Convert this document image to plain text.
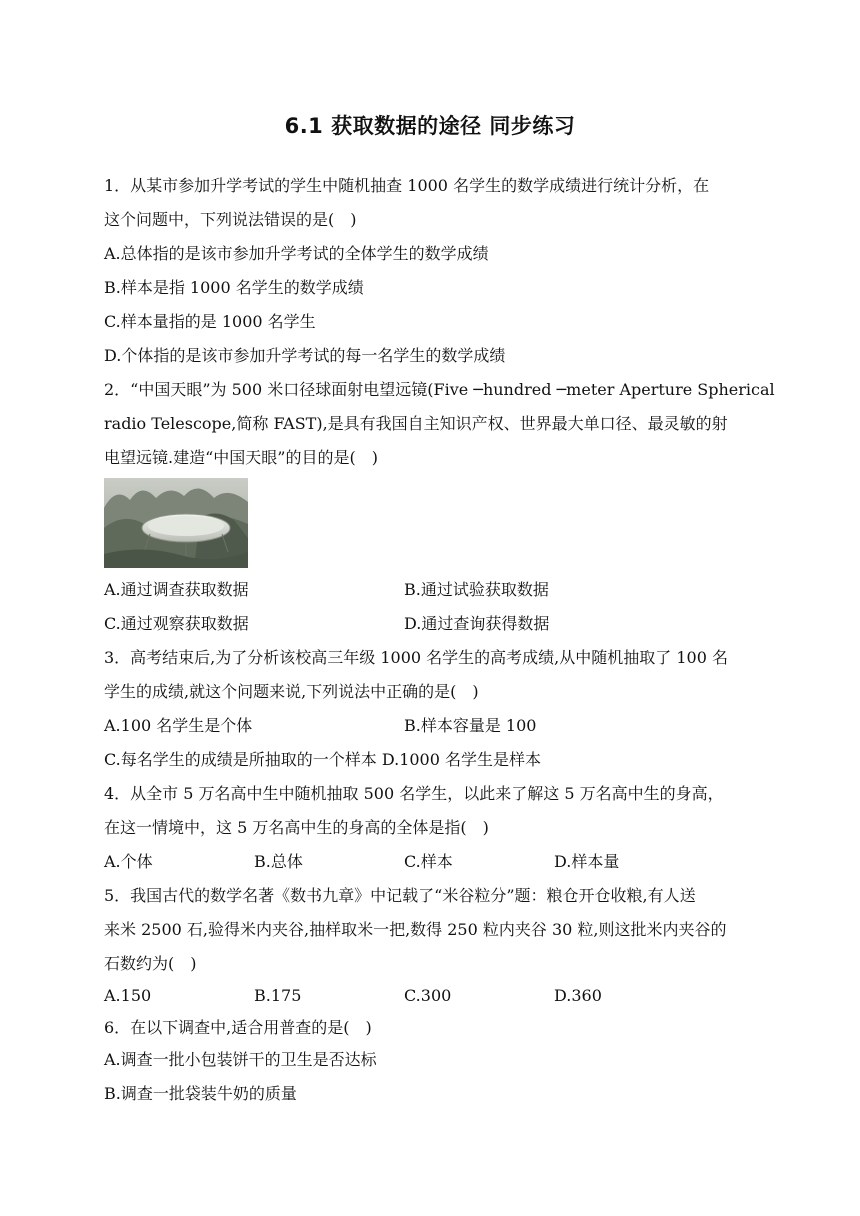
6.1 获取数据的途径 同步练习
1．从某市参加升学考试的学生中随机抽查 1000 名学生的数学成绩进行统计分析，在
这个问题中，下列说法错误的是(　)
A.总体指的是该市参加升学考试的全体学生的数学成绩
B.样本是指 1000 名学生的数学成绩
C.样本量指的是 1000 名学生
D.个体指的是该市参加升学考试的每一名学生的数学成绩
2．“中国天眼”为 500 米口径球面射电望远镜(Five ─hundred ─meter Aperture Spherical
radio Telescope,简称 FAST),是具有我国自主知识产权、世界最大单口径、最灵敏的射
电望远镜.建造“中国天眼”的目的是(　)
A.通过调查获取数据	B.通过试验获取数据
C.通过观察获取数据	D.通过查询获得数据
3．高考结束后,为了分析该校高三年级 1000 名学生的高考成绩,从中随机抽取了 100 名
学生的成绩,就这个问题来说,下列说法中正确的是(　)
A.100 名学生是个体	B.样本容量是 100
C.每名学生的成绩是所抽取的一个样本 D.1000 名学生是样本
4．从全市 5 万名高中生中随机抽取 500 名学生，以此来了解这 5 万名高中生的身高，
在这一情境中，这 5 万名高中生的身高的全体是指(　)
A.个体	B.总体	C.样本	D.样本量
5．我国古代的数学名著《数书九章》中记载了“米谷粒分”题：粮仓开仓收粮,有人送
来米 2500 石,验得米内夹谷,抽样取米一把,数得 250 粒内夹谷 30 粒,则这批米内夹谷的
石数约为(　)
A.150	B.175	C.300	D.360
6．在以下调查中,适合用普查的是(　)
A.调查一批小包装饼干的卫生是否达标
B.调查一批袋装牛奶的质量
